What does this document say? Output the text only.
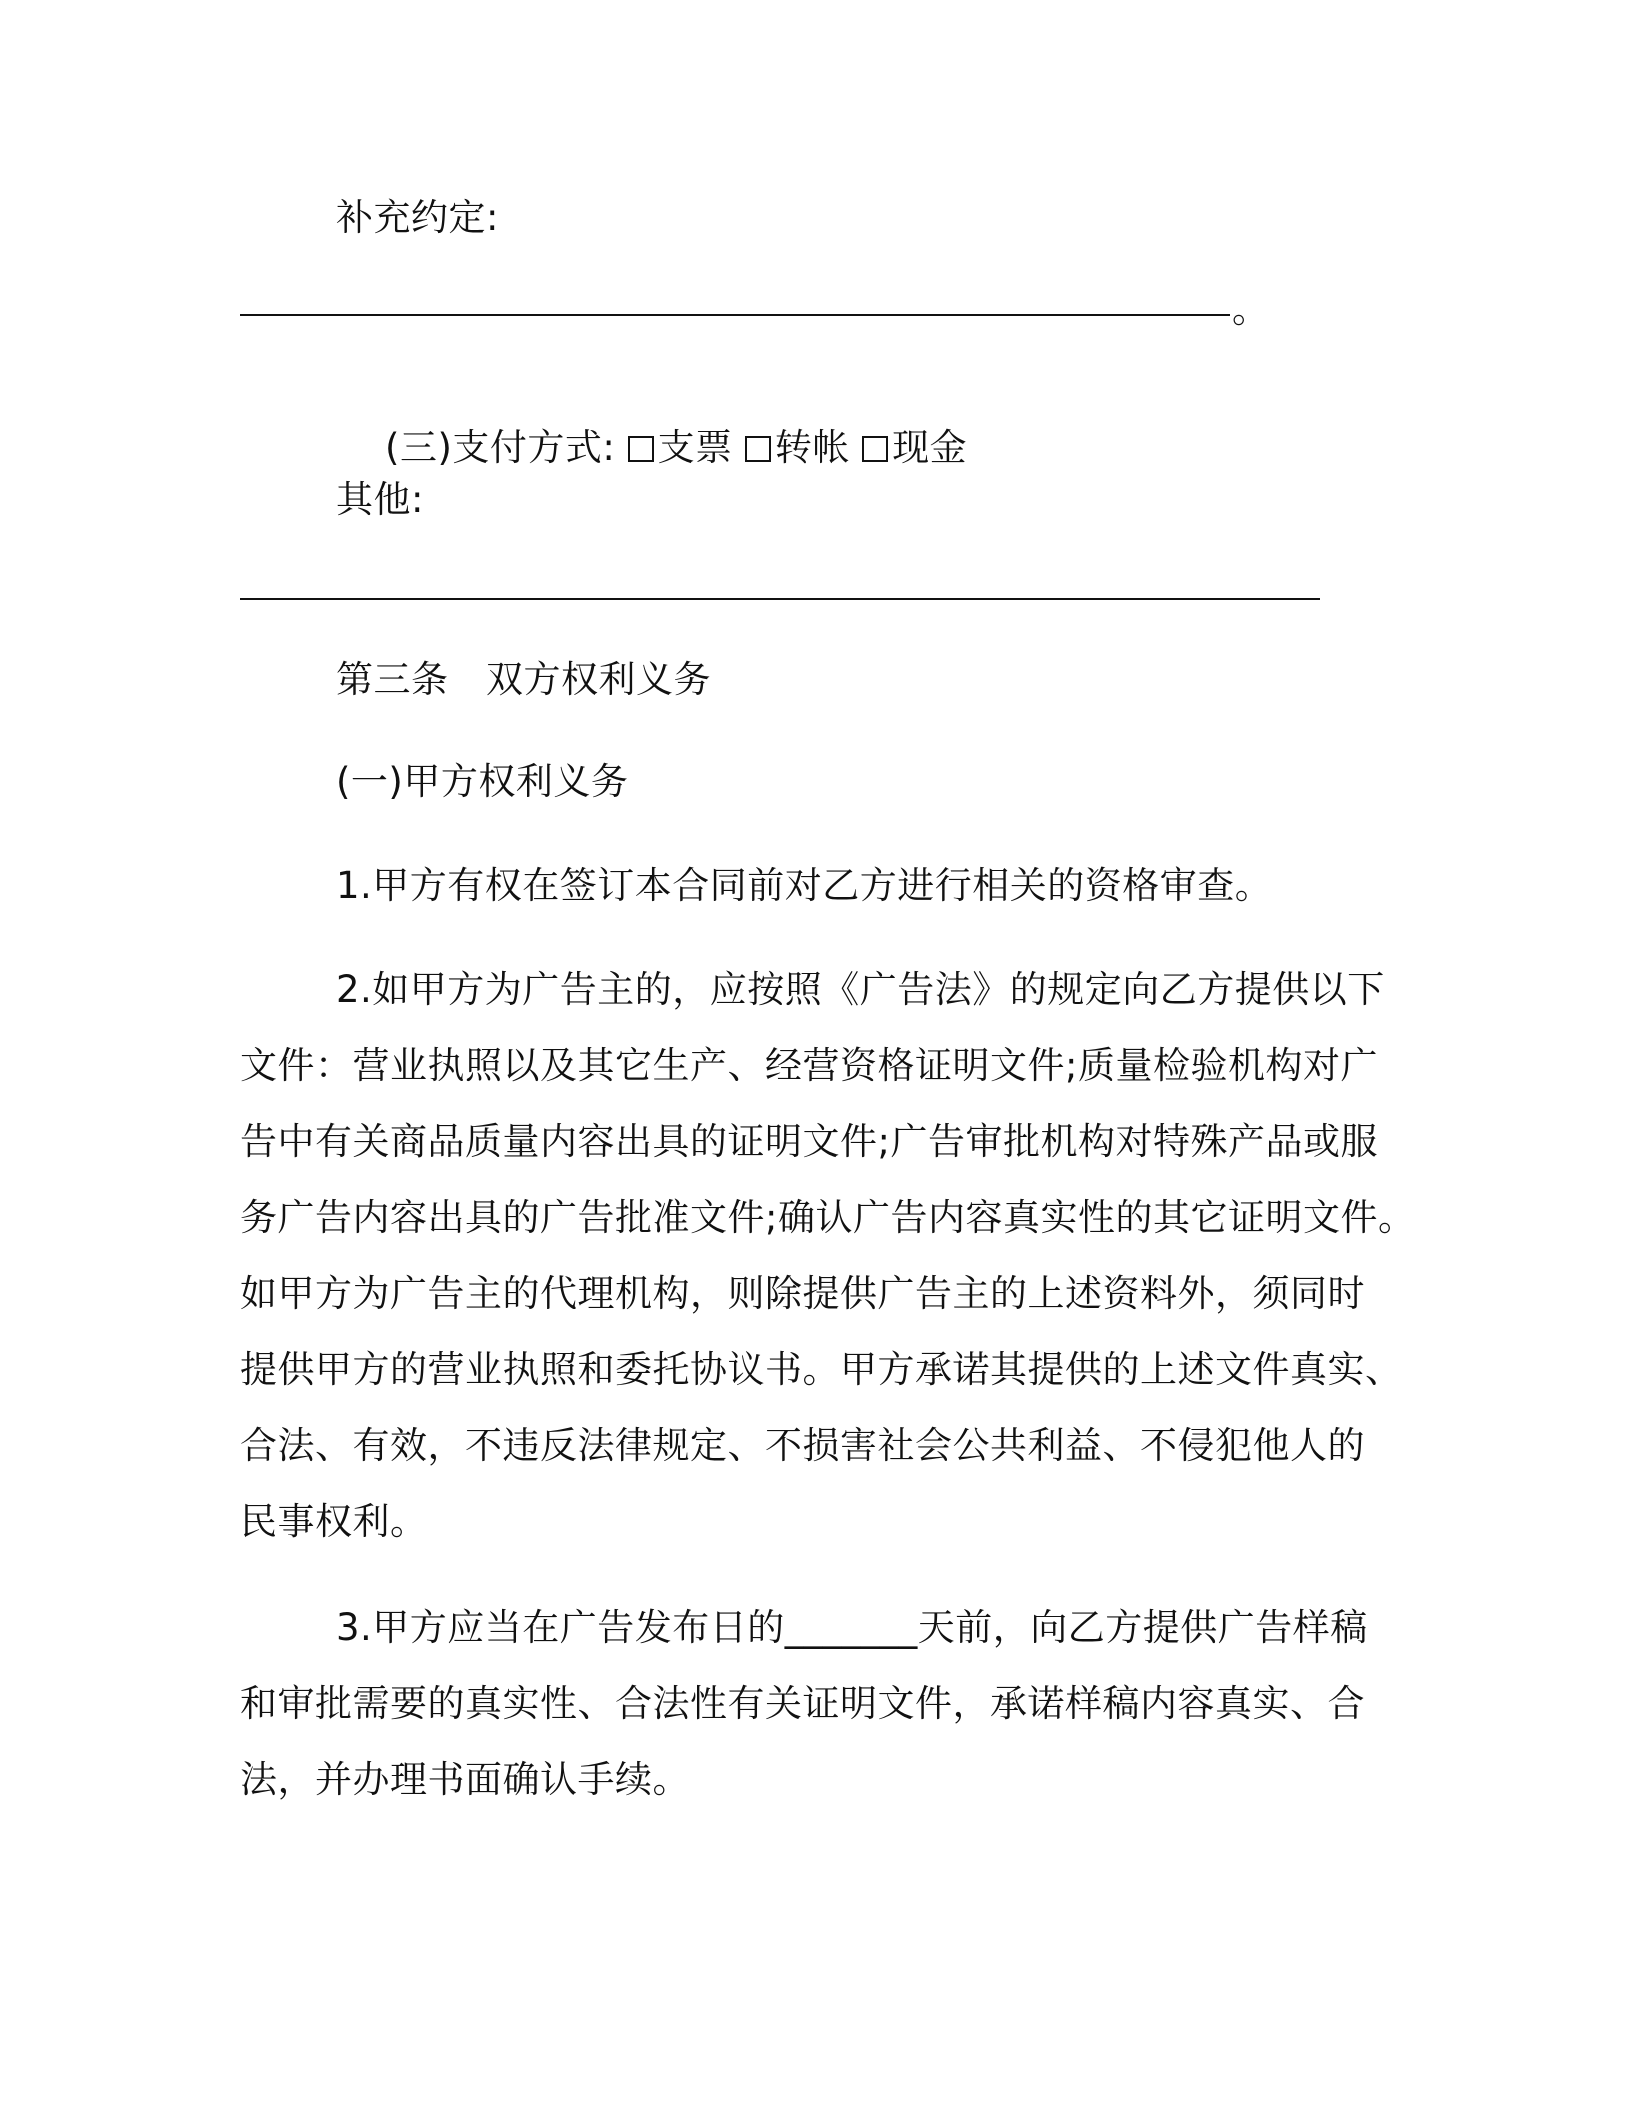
补充约定:
。

(三)支付方式: 支票 转帐 现金

其他:
第三条　双方权利义务
(一)甲方权利义务
1.甲方有权在签订本合同前对乙方进行相关的资格审查。
2.如甲方为广告主的，应按照《广告法》的规定向乙方提供以下
文件：营业执照以及其它生产、经营资格证明文件;质量检验机构对广
告中有关商品质量内容出具的证明文件;广告审批机构对特殊产品或服
务广告内容出具的广告批准文件;确认广告内容真实性的其它证明文件。
如甲方为广告主的代理机构，则除提供广告主的上述资料外，须同时
提供甲方的营业执照和委托协议书。甲方承诺其提供的上述文件真实、
合法、有效，不违反法律规定、不损害社会公共利益、不侵犯他人的
民事权利。
3.甲方应当在广告发布日的_______天前，向乙方提供广告样稿
和审批需要的真实性、合法性有关证明文件，承诺样稿内容真实、合
法，并办理书面确认手续。
